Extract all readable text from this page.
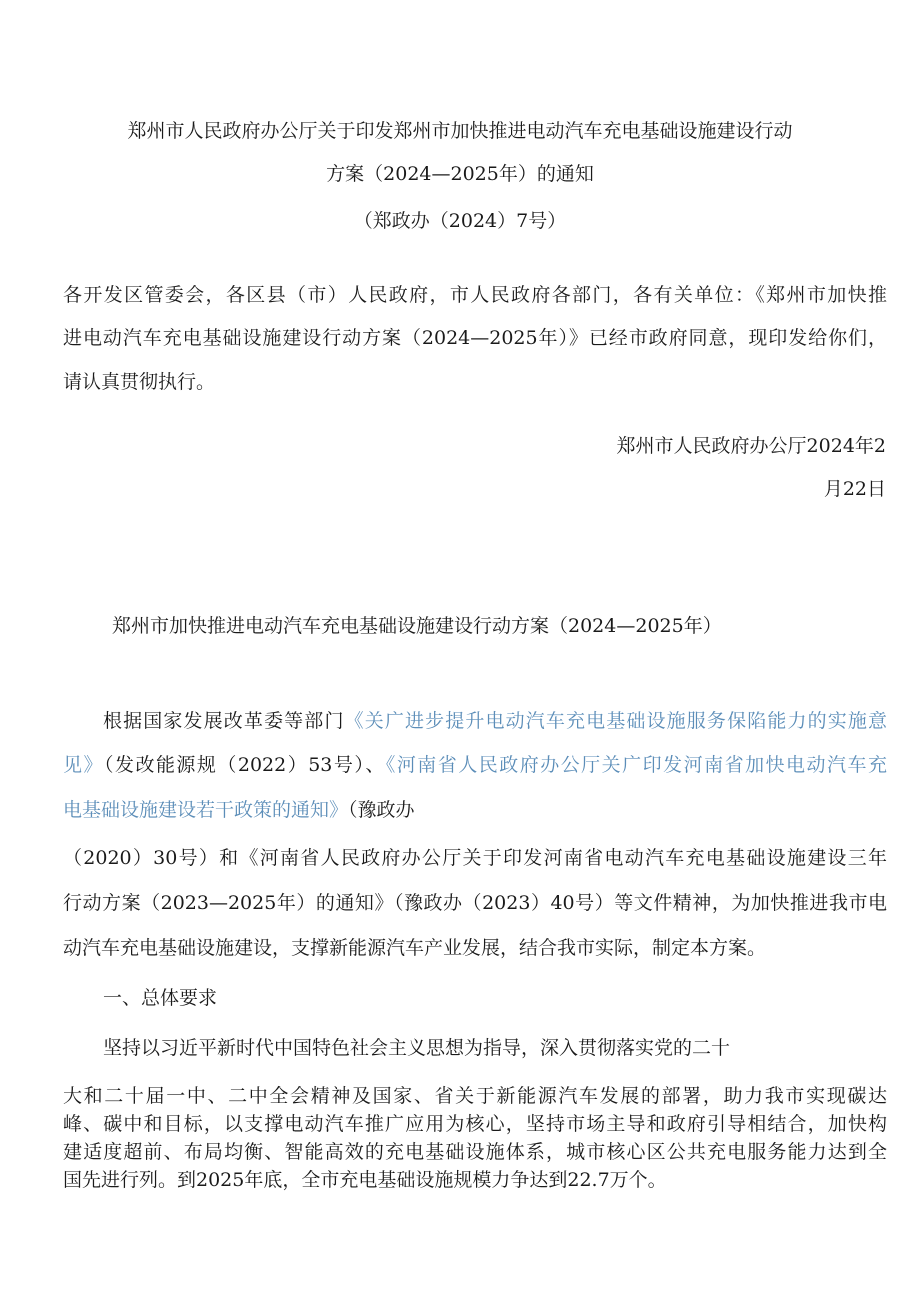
郑州市人民政府办公厅关于印发郑州市加快推进电动汽车充电基础设施建设行动
方案（2024—2025年）的通知
（郑政办（2024）7号）
各开发区管委会，各区县（市）人民政府，市人民政府各部门，各有关单位：《郑州市加快推
进电动汽车充电基础设施建设行动方案（2024—2025年）》已经市政府同意，现印发给你们，
请认真贯彻执行。
郑州市人民政府办公厅2024年2
月22日
郑州市加快推进电动汽车充电基础设施建设行动方案（2024—2025年）
根据国家发展改革委等部门《关广进步提升电动汽车充电基础设施服务保陷能力的实施意
见》（发改能源规（2022）53号）、《河南省人民政府办公厅关广印发河南省加快电动汽车充
电基础设施建设若干政策的通知》（豫政办
（2020）30号）和《河南省人民政府办公厅关于印发河南省电动汽车充电基础设施建设三年
行动方案（2023—2025年）的通知》（豫政办（2023）40号）等文件精神，为加快推进我市电
动汽车充电基础设施建设，支撑新能源汽车产业发展，结合我市实际，制定本方案。
一、总体要求
坚持以习近平新时代中国特色社会主义思想为指导，深入贯彻落实党的二十
大和二十届一中、二中全会精神及国家、省关于新能源汽车发展的部署，助力我市实现碳达
峰、碳中和目标，以支撑电动汽车推广应用为核心，坚持市场主导和政府引导相结合，加快构
建适度超前、布局均衡、智能高效的充电基础设施体系，城市核心区公共充电服务能力达到全
国先进行列。到2025年底，全市充电基础设施规模力争达到22.7万个。
